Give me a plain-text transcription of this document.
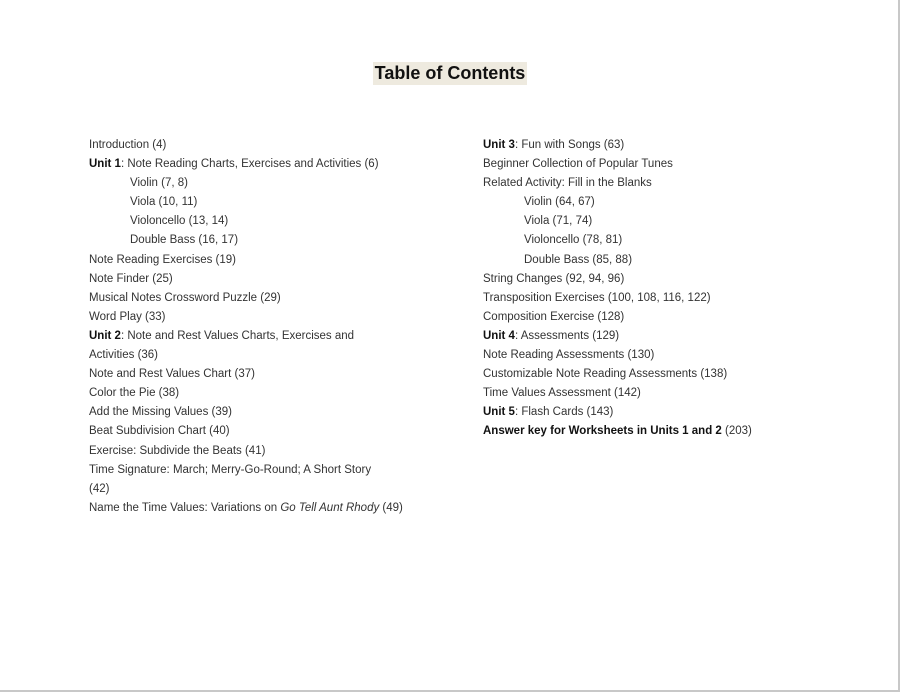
Table of Contents
Introduction (4)
Unit 1: Note Reading Charts, Exercises and Activities (6)
Violin (7, 8)
Viola (10, 11)
Violoncello (13, 14)
Double Bass (16, 17)
Note Reading Exercises (19)
Note Finder (25)
Musical Notes Crossword Puzzle (29)
Word Play (33)
Unit 2: Note and Rest Values Charts, Exercises and Activities (36)
Note and Rest Values Chart (37)
Color the Pie (38)
Add the Missing Values (39)
Beat Subdivision Chart (40)
Exercise: Subdivide the Beats (41)
Time Signature: March; Merry-Go-Round; A Short Story (42)
Name the Time Values: Variations on Go Tell Aunt Rhody (49)
Unit 3: Fun with Songs (63)
Beginner Collection of Popular Tunes
Related Activity: Fill in the Blanks
Violin (64, 67)
Viola (71, 74)
Violoncello (78, 81)
Double Bass (85, 88)
String Changes (92, 94, 96)
Transposition Exercises (100, 108, 116, 122)
Composition Exercise (128)
Unit 4: Assessments (129)
Note Reading Assessments (130)
Customizable Note Reading Assessments (138)
Time Values Assessment (142)
Unit 5: Flash Cards (143)
Answer key for Worksheets in Units 1 and 2 (203)
